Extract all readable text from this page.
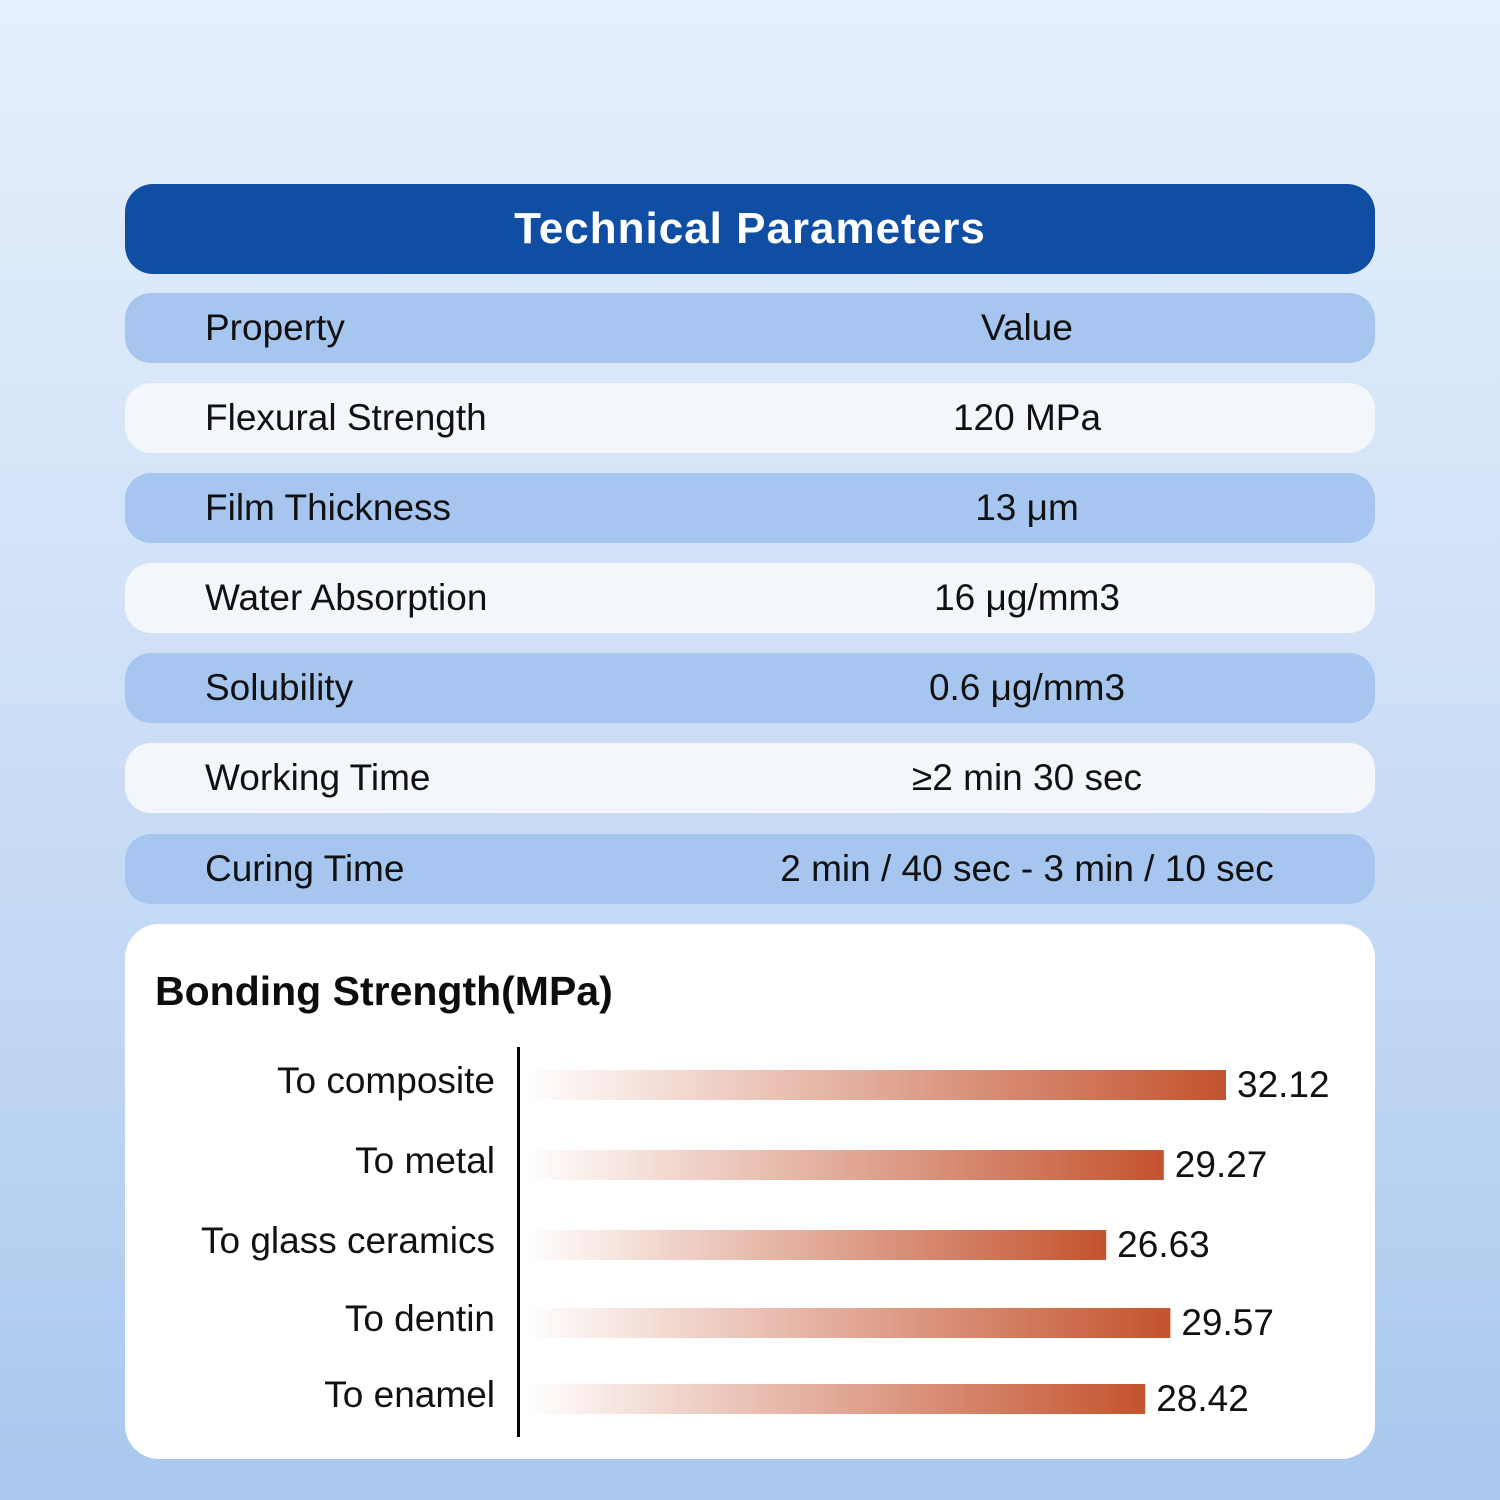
Technical Parameters
Property	Value
Flexural Strength	120 MPa
Film Thickness	13 μm
Water Absorption	16 μg/mm3
Solubility	0.6 μg/mm3
Working Time	≥2 min 30 sec
Curing Time	2 min / 40 sec - 3 min / 10 sec
Bonding Strength(MPa)
To composite	32.12
To metal	29.27
To glass ceramics	26.63
To dentin	29.57
To enamel	28.42
